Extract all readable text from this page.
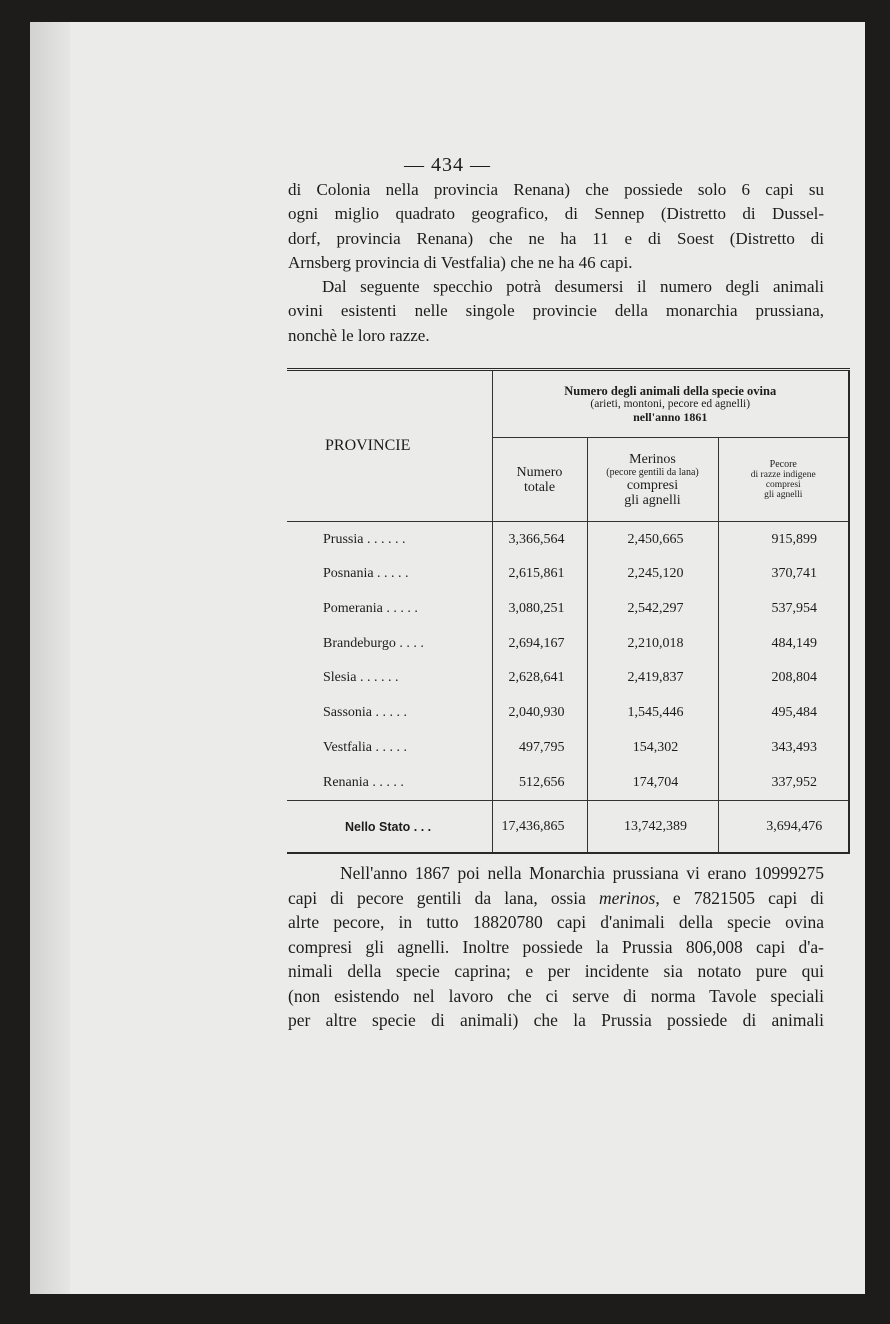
— 434 —
di Colonia nella provincia Renana) che possiede solo 6 capi su
ogni miglio quadrato geografico, di Sennep (Distretto di Dussel-
dorf, provincia Renana) che ne ha 11 e di Soest (Distretto di
Arnsberg provincia di Vestfalia) che ne ha 46 capi.
Dal seguente specchio potrà desumersi il numero degli animali
ovini esistenti nelle singole provincie della monarchia prussiana,
nonchè le loro razze.
PROVINCIE	Numero degli animali della specie ovina
(arieti, montoni, pecore ed agnelli)
nell'anno 1861		

	Numero
totale	Merinos
(pecore gentili da lana)
compresi
gli agnelli	Pecore
di razze indigene
compresi
gli agnelli

Prussia . . . . . .	3,366,564	2,450,665	915,899
Posnania . . . . .	2,615,861	2,245,120	370,741
Pomerania . . . . .	3,080,251	2,542,297	537,954
Brandeburgo . . . .	2,694,167	2,210,018	484,149
Slesia . . . . . .	2,628,641	2,419,837	208,804
Sassonia . . . . .	2,040,930	1,545,446	495,484
Vestfalia . . . . .	497,795	154,302	343,493
Renania . . . . .	512,656	174,704	337,952
Nello Stato . . .	17,436,865	13,742,389	3,694,476
Nell'anno 1867 poi nella Monarchia prussiana vi erano 10999275
capi di pecore gentili da lana, ossia merinos, e 7821505 capi di
alrte pecore, in tutto 18820780 capi d'animali della specie ovina
compresi gli agnelli. Inoltre possiede la Prussia 806,008 capi d'a-
nimali della specie caprina; e per incidente sia notato pure qui
(non esistendo nel lavoro che ci serve di norma Tavole speciali
per altre specie di animali) che la Prussia possiede di animali
